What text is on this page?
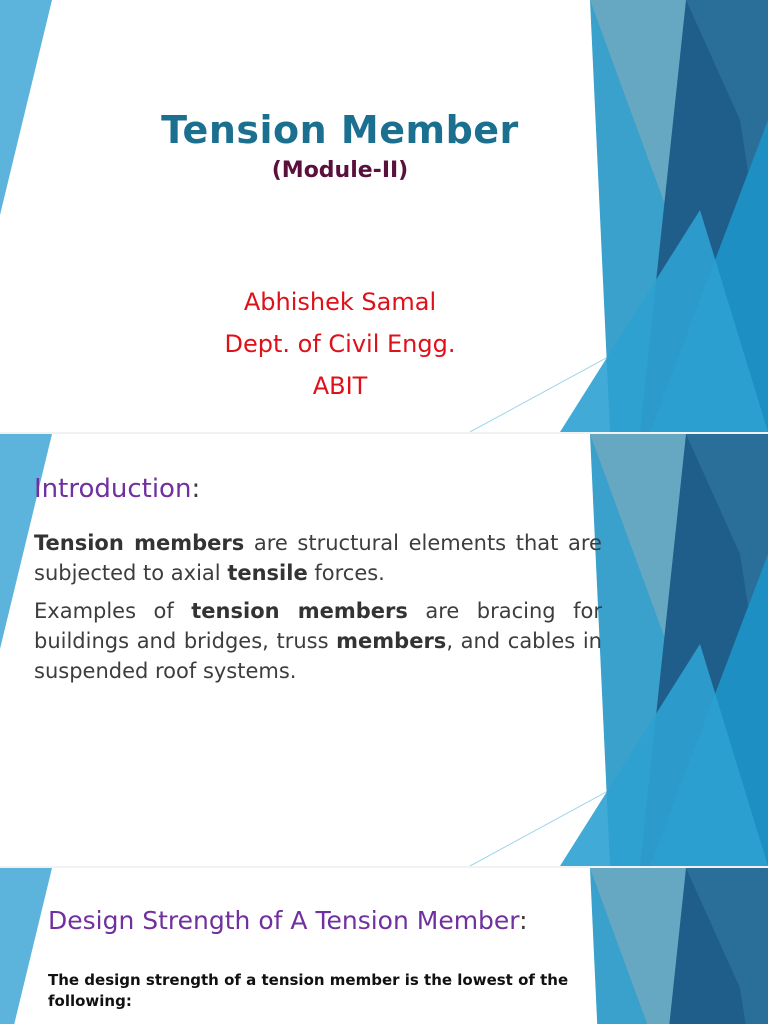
Tension Member
(Module-II)
Abhishek Samal
Dept. of Civil Engg.
ABIT
Introduction:

Tension members are structural elements that are subjected to axial tensile forces.

Examples of tension members are bracing for buildings and bridges, truss members, and cables in suspended roof systems.

Design Strength of A Tension Member:

The design strength of a tension member is the lowest of the following:
